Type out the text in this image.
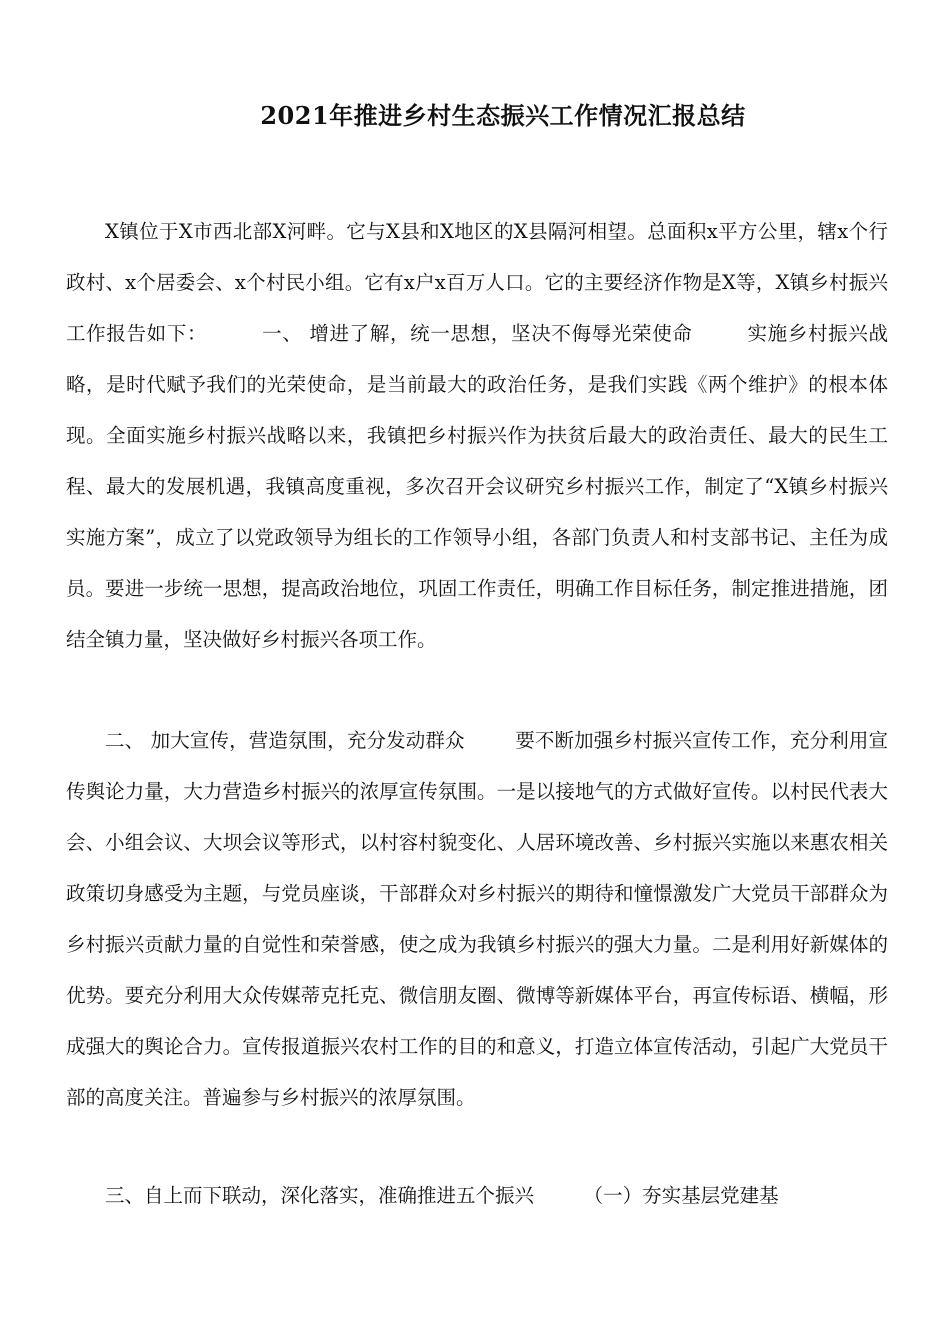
2021年推进乡村生态振兴工作情况汇报总结

X镇位于X市西北部X河畔。它与X县和X地区的X县隔河相望。总面积x平方公里，辖x个行政村、x个居委会、x个村民小组。它有x户x百万人口。它的主要经济作物是X等，X镇乡村振兴工作报告如下：        一、 增进了解，统一思想，坚决不侮辱光荣使命        实施乡村振兴战略，是时代赋予我们的光荣使命，是当前最大的政治任务，是我们实践《两个维护》的根本体现。全面实施乡村振兴战略以来，我镇把乡村振兴作为扶贫后最大的政治责任、最大的民生工程、最大的发展机遇，我镇高度重视，多次召开会议研究乡村振兴工作，制定了“X镇乡村振兴实施方案”，成立了以党政领导为组长的工作领导小组，各部门负责人和村支部书记、主任为成员。要进一步统一思想，提高政治地位，巩固工作责任，明确工作目标任务，制定推进措施，团结全镇力量，坚决做好乡村振兴各项工作。

二、 加大宣传，营造氛围，充分发动群众        要不断加强乡村振兴宣传工作，充分利用宣传舆论力量，大力营造乡村振兴的浓厚宣传氛围。一是以接地气的方式做好宣传。以村民代表大会、小组会议、大坝会议等形式，以村容村貌变化、人居环境改善、乡村振兴实施以来惠农相关政策切身感受为主题，与党员座谈，干部群众对乡村振兴的期待和憧憬激发广大党员干部群众为乡村振兴贡献力量的自觉性和荣誉感，使之成为我镇乡村振兴的强大力量。二是利用好新媒体的优势。要充分利用大众传媒蒂克托克、微信朋友圈、微博等新媒体平台，再宣传标语、横幅，形成强大的舆论合力。宣传报道振兴农村工作的目的和意义，打造立体宣传活动，引起广大党员干部的高度关注。普遍参与乡村振兴的浓厚氛围。

三、自上而下联动，深化落实，准确推进五个振兴        （一）夯实基层党建基
